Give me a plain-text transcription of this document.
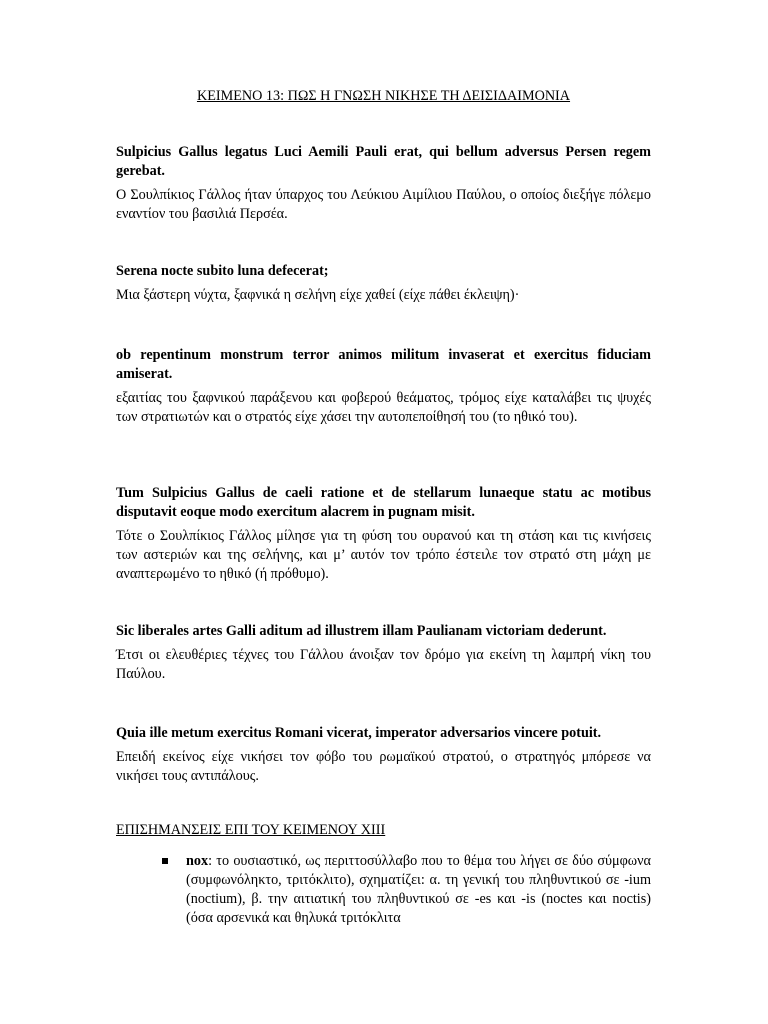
ΚΕΙΜΕΝΟ 13: ΠΩΣ Η ΓΝΩΣΗ ΝΙΚΗΣΕ ΤΗ ΔΕΙΣΙΔΑΙΜΟΝΙΑ

Sulpicius Gallus legatus Luci Aemili Pauli erat, qui bellum adversus Persen regem gerebat.

Ο Σουλπίκιος Γάλλος ήταν ύπαρχος του Λεύκιου Αιμίλιου Παύλου, ο οποίος διεξήγε πόλεμο εναντίον του βασιλιά Περσέα.

Serena nocte subito luna defecerat;

Μια ξάστερη νύχτα, ξαφνικά η σελήνη είχε χαθεί (είχε πάθει έκλειψη)·

ob repentinum monstrum terror animos militum invaserat et exercitus fiduciam amiserat.

εξαιτίας του ξαφνικού παράξενου και φοβερού θεάματος, τρόμος είχε καταλάβει τις ψυχές των στρατιωτών και ο στρατός είχε χάσει την αυτοπεποίθησή του (το ηθικό του).

Tum Sulpicius Gallus de caeli ratione et de stellarum lunaeque statu ac motibus disputavit eoque modo exercitum alacrem in pugnam misit.

Τότε ο Σουλπίκιος Γάλλος μίλησε για τη φύση του ουρανού και τη στάση και τις κινήσεις των αστεριών και της σελήνης, και μ’ αυτόν τον τρόπο έστειλε τον στρατό στη μάχη με αναπτερωμένο το ηθικό (ή πρόθυμο).

Sic liberales artes Galli aditum ad illustrem illam Paulianam victoriam dederunt.

Έτσι οι ελευθέριες τέχνες του Γάλλου άνοιξαν τον δρόμο για εκείνη τη λαμπρή νίκη του Παύλου.

Quia ille metum exercitus Romani vicerat, imperator adversarios vincere potuit.

Επειδή εκείνος είχε νικήσει τον φόβο του ρωμαϊκού στρατού, ο στρατηγός μπόρεσε να νικήσει τους αντιπάλους.

ΕΠΙΣΗΜΑΝΣΕΙΣ ΕΠΙ ΤΟΥ ΚΕΙΜΕΝΟΥ XIII
nox: το ουσιαστικό, ως περιττοσύλλαβο που το θέμα του λήγει σε δύο σύμφωνα (συμφωνόληκτο, τριτόκλιτο), σχηματίζει: α. τη γενική του πληθυντικού σε -ium (noctium), β. την αιτιατική του πληθυντικού σε -es και -is (noctes και noctis) (όσα αρσενικά και θηλυκά τριτόκλιτα
